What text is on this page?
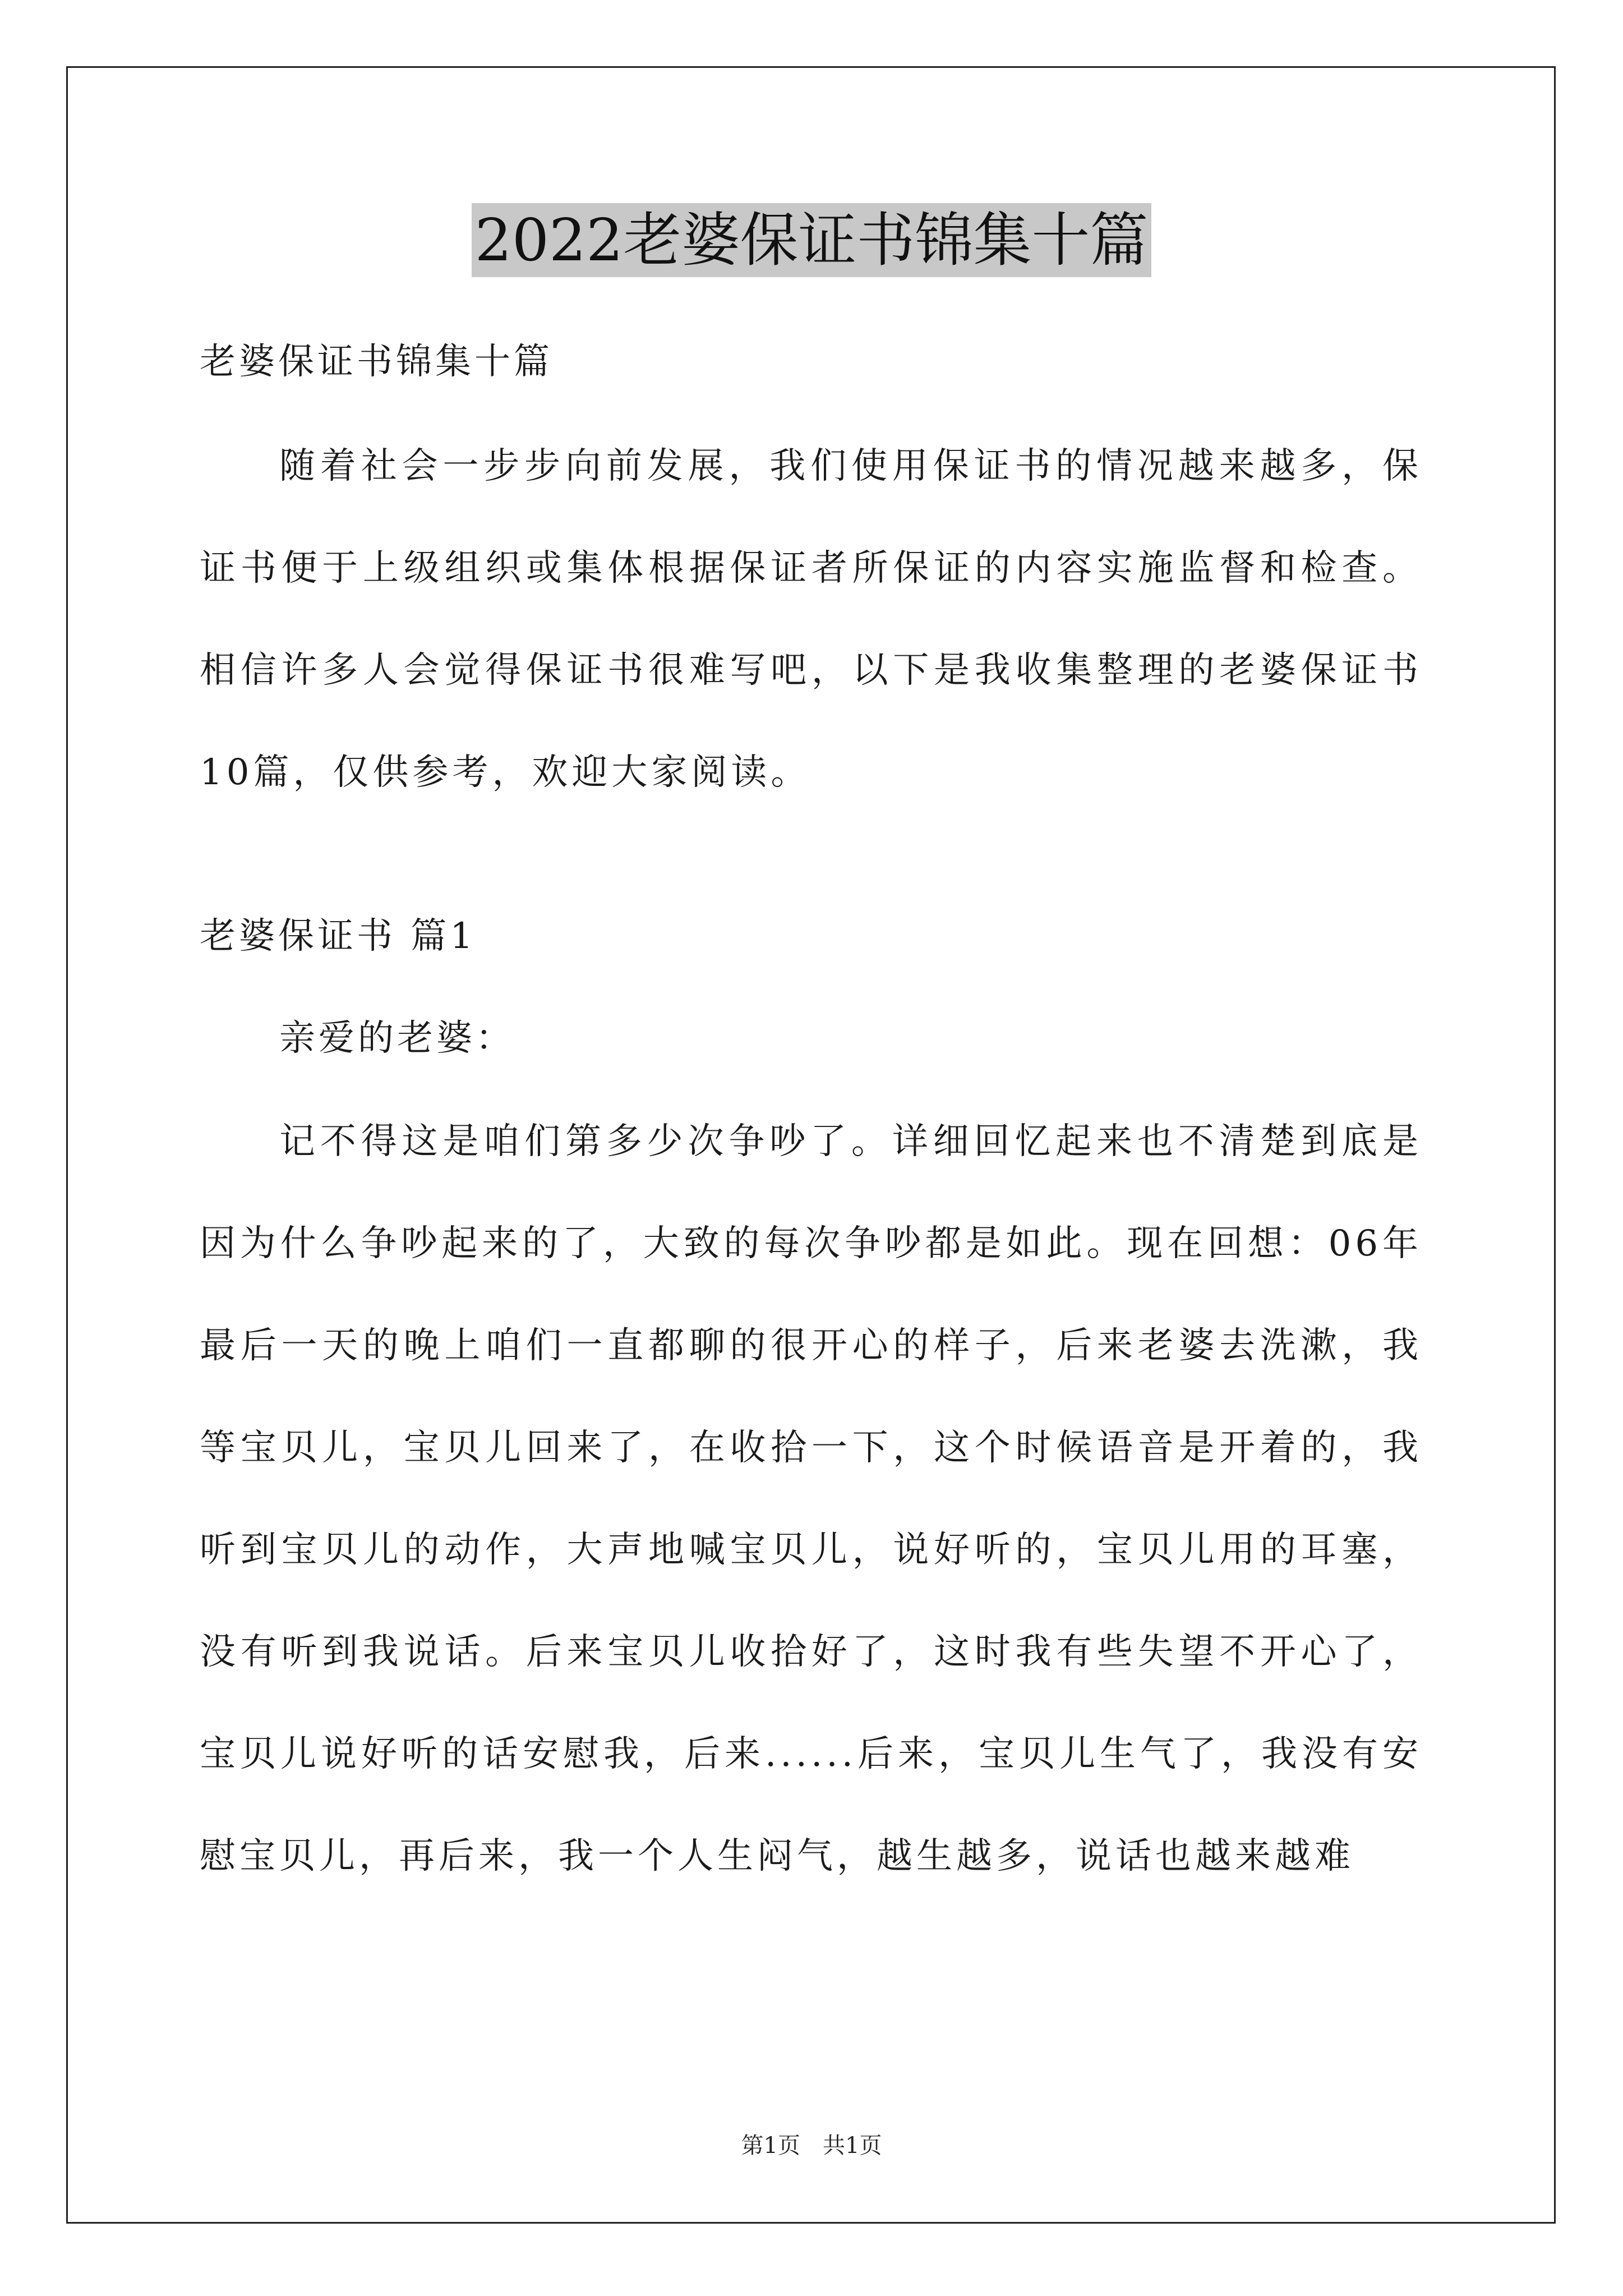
2022老婆保证书锦集十篇

老婆保证书锦集十篇

随着社会一步步向前发展，我们使用保证书的情况越来越多，保证书便于上级组织或集体根据保证者所保证的内容实施监督和检查。相信许多人会觉得保证书很难写吧，以下是我收集整理的老婆保证书10篇，仅供参考，欢迎大家阅读。

老婆保证书 篇1

亲爱的老婆：

记不得这是咱们第多少次争吵了。详细回忆起来也不清楚到底是因为什么争吵起来的了，大致的每次争吵都是如此。现在回想：06年最后一天的晚上咱们一直都聊的很开心的样子，后来老婆去洗漱，我等宝贝儿，宝贝儿回来了，在收拾一下，这个时候语音是开着的，我听到宝贝儿的动作，大声地喊宝贝儿，说好听的，宝贝儿用的耳塞，没有听到我说话。后来宝贝儿收拾好了，这时我有些失望不开心了，宝贝儿说好听的话安慰我，后来......后来，宝贝儿生气了，我没有安慰宝贝儿，再后来，我一个人生闷气，越生越多，说话也越来越难

第1页　共1页
